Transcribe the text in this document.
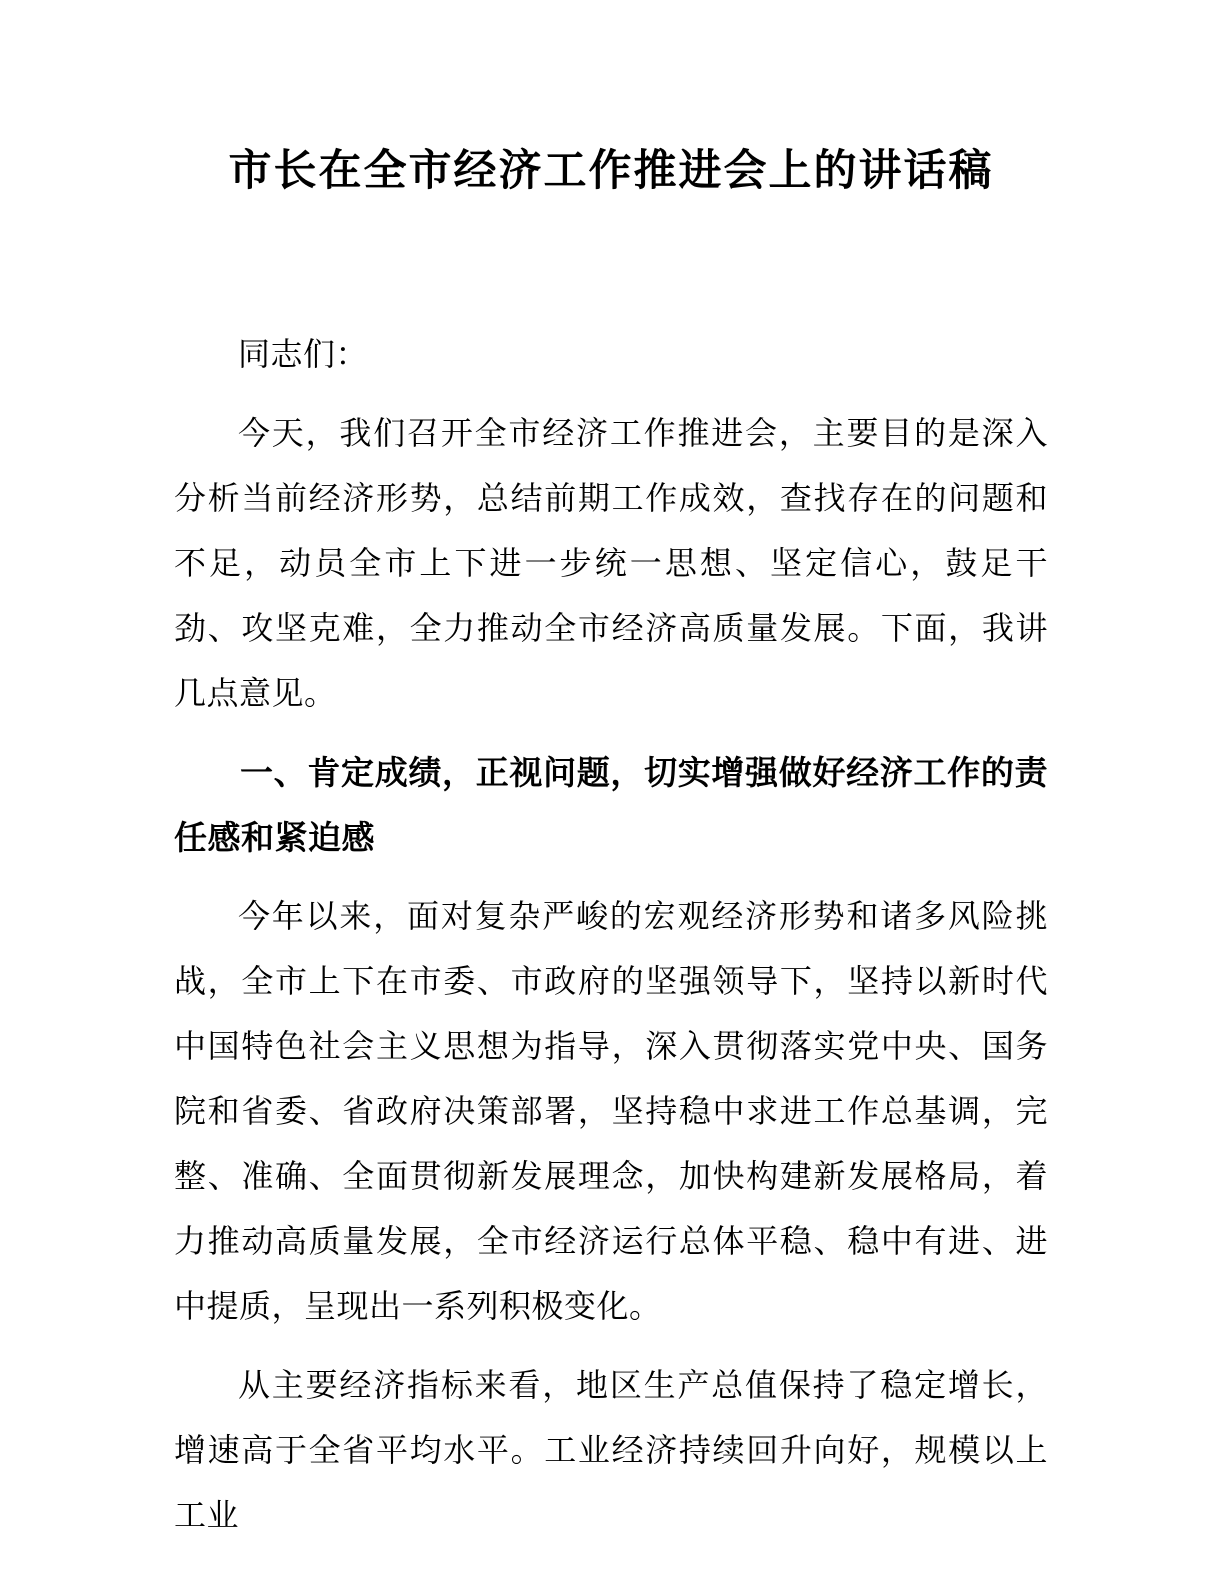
市长在全市经济工作推进会上的讲话稿

同志们：

今天，我们召开全市经济工作推进会，主要目的是深入分析当前经济形势，总结前期工作成效，查找存在的问题和不足，动员全市上下进一步统一思想、坚定信心，鼓足干劲、攻坚克难，全力推动全市经济高质量发展。下面，我讲几点意见。

一、肯定成绩，正视问题，切实增强做好经济工作的责任感和紧迫感

今年以来，面对复杂严峻的宏观经济形势和诸多风险挑战，全市上下在市委、市政府的坚强领导下，坚持以新时代中国特色社会主义思想为指导，深入贯彻落实党中央、国务院和省委、省政府决策部署，坚持稳中求进工作总基调，完整、准确、全面贯彻新发展理念，加快构建新发展格局，着力推动高质量发展，全市经济运行总体平稳、稳中有进、进中提质，呈现出一系列积极变化。

从主要经济指标来看，地区生产总值保持了稳定增长，增速高于全省平均水平。工业经济持续回升向好，规模以上工业
